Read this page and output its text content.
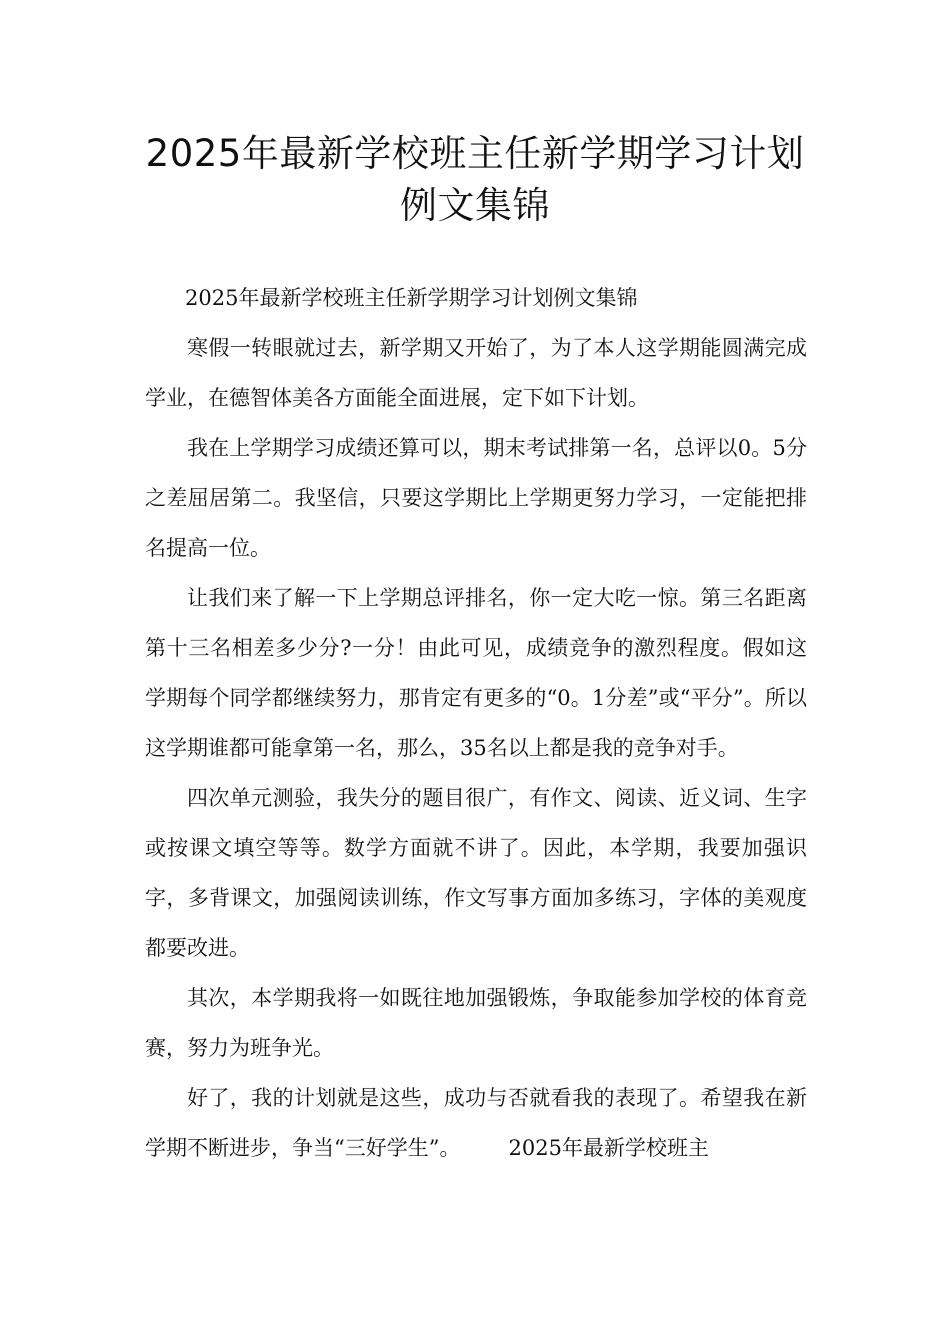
2025年最新学校班主任新学期学习计划
例文集锦

2025年最新学校班主任新学期学习计划例文集锦

寒假一转眼就过去，新学期又开始了，为了本人这学期能圆满完成学业，在德智体美各方面能全面进展，定下如下计划。

我在上学期学习成绩还算可以，期末考试排第一名，总评以0。5分之差屈居第二。我坚信，只要这学期比上学期更努力学习，一定能把排名提高一位。

让我们来了解一下上学期总评排名，你一定大吃一惊。第三名距离第十三名相差多少分?一分！由此可见，成绩竞争的激烈程度。假如这学期每个同学都继续努力，那肯定有更多的“0。1分差”或“平分”。所以这学期谁都可能拿第一名，那么，35名以上都是我的竞争对手。

四次单元测验，我失分的题目很广，有作文、阅读、近义词、生字或按课文填空等等。数学方面就不讲了。因此，本学期，我要加强识字，多背课文，加强阅读训练，作文写事方面加多练习，字体的美观度都要改进。

其次，本学期我将一如既往地加强锻炼，争取能参加学校的体育竞赛，努力为班争光。

好了，我的计划就是这些，成功与否就看我的表现了。希望我在新学期不断进步，争当“三好学生”。 2025年最新学校班主
